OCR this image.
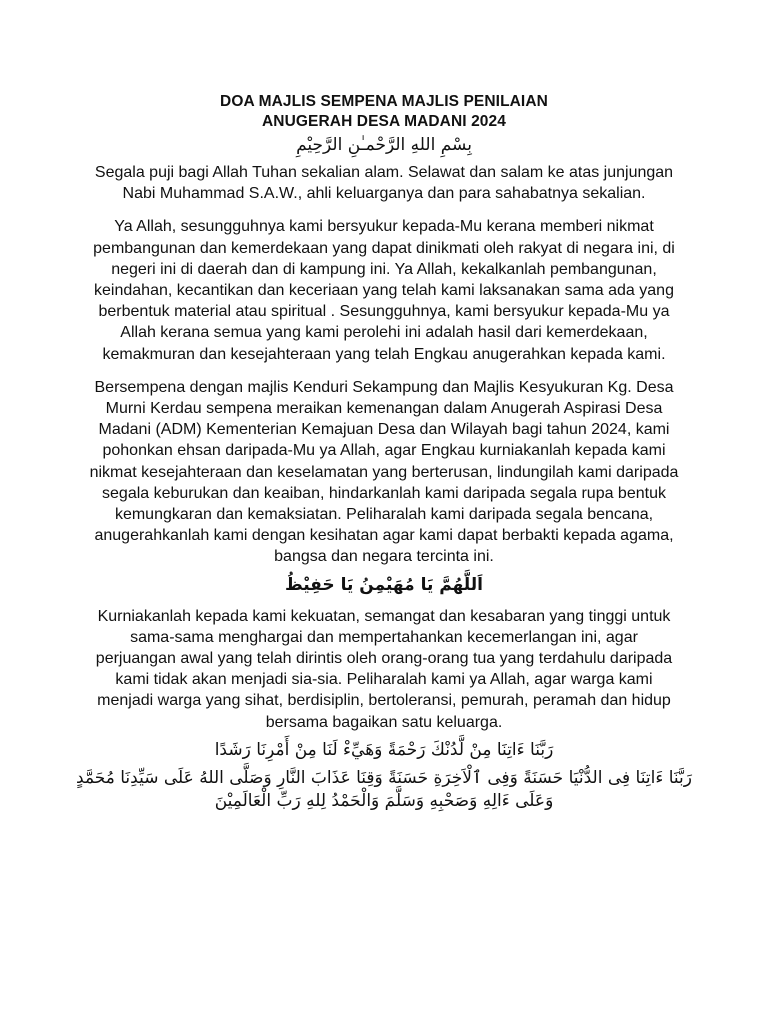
DOA MAJLIS SEMPENA MAJLIS PENILAIAN

ANUGERAH DESA MADANI 2024

بِسْمِ اللهِ الرَّحْمـٰنِ الرَّحِيْمِ

Segala puji bagi Allah Tuhan sekalian alam. Selawat dan salam ke atas junjungan Nabi Muhammad S.A.W., ahli keluarganya dan para sahabatnya sekalian.

Ya Allah, sesungguhnya kami bersyukur kepada-Mu kerana memberi nikmat pembangunan dan kemerdekaan yang dapat dinikmati oleh rakyat di negara ini, di negeri ini di daerah dan di kampung ini. Ya Allah, kekalkanlah pembangunan, keindahan, kecantikan dan keceriaan yang telah kami laksanakan sama ada yang berbentuk material atau spiritual . Sesungguhnya, kami bersyukur kepada-Mu ya Allah kerana semua yang kami perolehi ini adalah hasil dari kemerdekaan, kemakmuran dan kesejahteraan yang telah Engkau anugerahkan kepada kami.

Bersempena dengan majlis Kenduri Sekampung dan Majlis Kesyukuran Kg. Desa Murni Kerdau sempena meraikan kemenangan dalam Anugerah Aspirasi Desa Madani (ADM) Kementerian Kemajuan Desa dan Wilayah bagi tahun 2024, kami pohonkan ehsan daripada-Mu ya Allah, agar Engkau kurniakanlah kepada kami nikmat kesejahteraan dan keselamatan yang berterusan, lindungilah kami daripada segala keburukan dan keaiban, hindarkanlah kami daripada segala rupa bentuk kemungkaran dan kemaksiatan. Peliharalah kami daripada segala bencana, anugerahkanlah kami dengan kesihatan agar kami dapat berbakti kepada agama, bangsa dan negara tercinta ini.

اَللَّهُمَّ يَا مُهَيْمِنُ يَا حَفِيْظُ

Kurniakanlah kepada kami kekuatan, semangat dan kesabaran yang tinggi untuk sama-sama menghargai dan mempertahankan kecemerlangan ini, agar perjuangan awal yang telah dirintis oleh orang-orang tua yang terdahulu daripada kami tidak akan menjadi sia-sia. Peliharalah kami ya Allah, agar warga kami menjadi warga yang sihat, berdisiplin, bertoleransi, pemurah, peramah dan hidup bersama bagaikan satu keluarga.

رَبَّنَا ءَاتِنَا مِنْ لَّدُنْكَ رَحْمَةً وَهَيِّءْ لَنَا مِنْ أَمْرِنَا رَشَدًا

رَبَّنَا ءَاتِنَا فِى الدُّنْيَا حَسَنَةً وَفِى ٱلْاَخِرَةِ حَسَنَةً وَقِنَا عَذَابَ النَّارِ وَصَلَّى اللهُ عَلَى سَيِّدِنَا مُحَمَّدٍ وَعَلَى ءَالِهِ وَصَحْبِهِ وَسَلَّمَ وَالْحَمْدُ لِلهِ رَبِّ الْعَالَمِيْنَ
